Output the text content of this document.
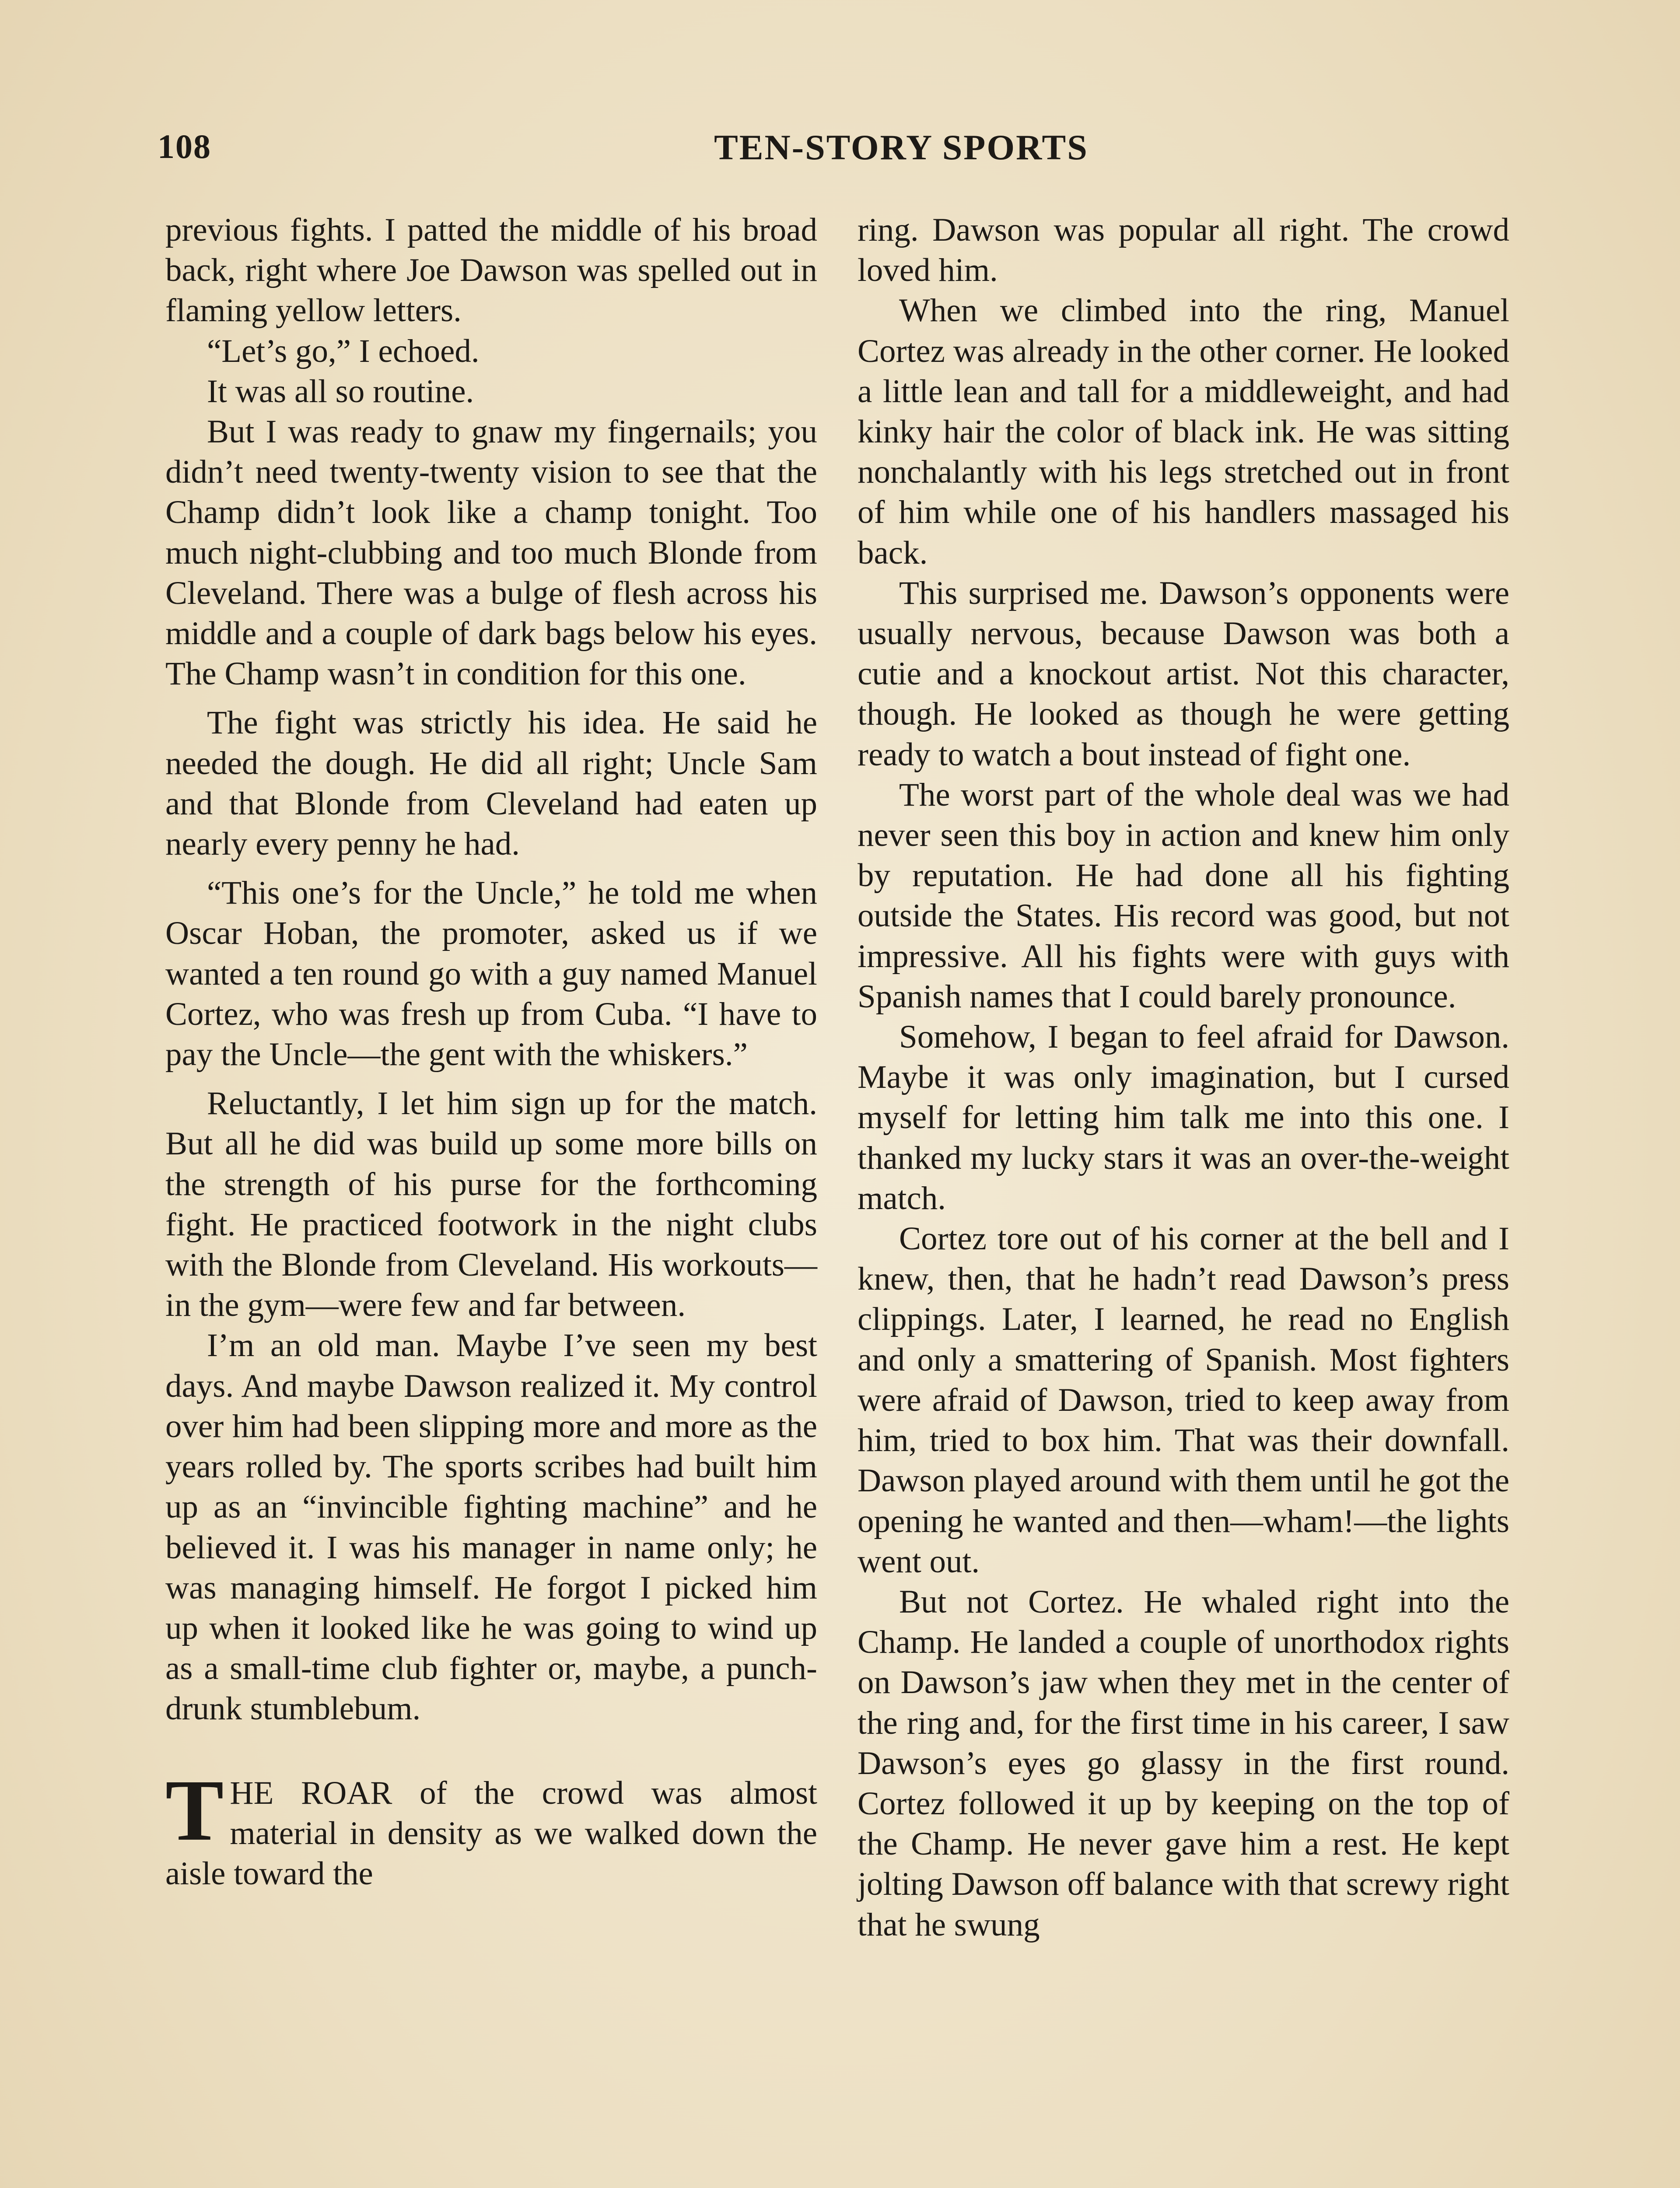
108	TEN-STORY SPORTS

previous fights. I patted the middle of his broad back, right where Joe Dawson was spelled out in flaming yellow letters.

“Let’s go,” I echoed.

It was all so routine.

But I was ready to gnaw my fingernails; you didn’t need twenty-twenty vision to see that the Champ didn’t look like a champ tonight. Too much night-clubbing and too much Blonde from Cleveland. There was a bulge of flesh across his middle and a couple of dark bags below his eyes. The Champ wasn’t in condition for this one.

The fight was strictly his idea. He said he needed the dough. He did all right; Uncle Sam and that Blonde from Cleveland had eaten up nearly every penny he had.

“This one’s for the Uncle,” he told me when Oscar Hoban, the promoter, asked us if we wanted a ten round go with a guy named Manuel Cortez, who was fresh up from Cuba. “I have to pay the Uncle—the gent with the whiskers.”

Reluctantly, I let him sign up for the match. But all he did was build up some more bills on the strength of his purse for the forthcoming fight. He practiced footwork in the night clubs with the Blonde from Cleveland. His workouts—in the gym—were few and far between.

I’m an old man. Maybe I’ve seen my best days. And maybe Dawson realized it. My control over him had been slipping more and more as the years rolled by. The sports scribes had built him up as an “invincible fighting machine” and he believed it. I was his manager in name only; he was managing himself. He forgot I picked him up when it looked like he was going to wind up as a small-time club fighter or, maybe, a punch-drunk stumblebum.

THE ROAR of the crowd was almost material in density as we walked down the aisle toward the

ring. Dawson was popular all right. The crowd loved him.

When we climbed into the ring, Manuel Cortez was already in the other corner. He looked a little lean and tall for a middleweight, and had kinky hair the color of black ink. He was sitting nonchalantly with his legs stretched out in front of him while one of his handlers massaged his back.

This surprised me. Dawson’s opponents were usually nervous, because Dawson was both a cutie and a knockout artist. Not this character, though. He looked as though he were getting ready to watch a bout instead of fight one.

The worst part of the whole deal was we had never seen this boy in action and knew him only by reputation. He had done all his fighting outside the States. His record was good, but not impressive. All his fights were with guys with Spanish names that I could barely pronounce.

Somehow, I began to feel afraid for Dawson. Maybe it was only imagination, but I cursed myself for letting him talk me into this one. I thanked my lucky stars it was an over-the-weight match.

Cortez tore out of his corner at the bell and I knew, then, that he hadn’t read Dawson’s press clippings. Later, I learned, he read no English and only a smattering of Spanish. Most fighters were afraid of Dawson, tried to keep away from him, tried to box him. That was their downfall. Dawson played around with them until he got the opening he wanted and then—wham!—the lights went out.

But not Cortez. He whaled right into the Champ. He landed a couple of unorthodox rights on Dawson’s jaw when they met in the center of the ring and, for the first time in his career, I saw Dawson’s eyes go glassy in the first round. Cortez followed it up by keeping on the top of the Champ. He never gave him a rest. He kept jolting Dawson off balance with that screwy right that he swung
